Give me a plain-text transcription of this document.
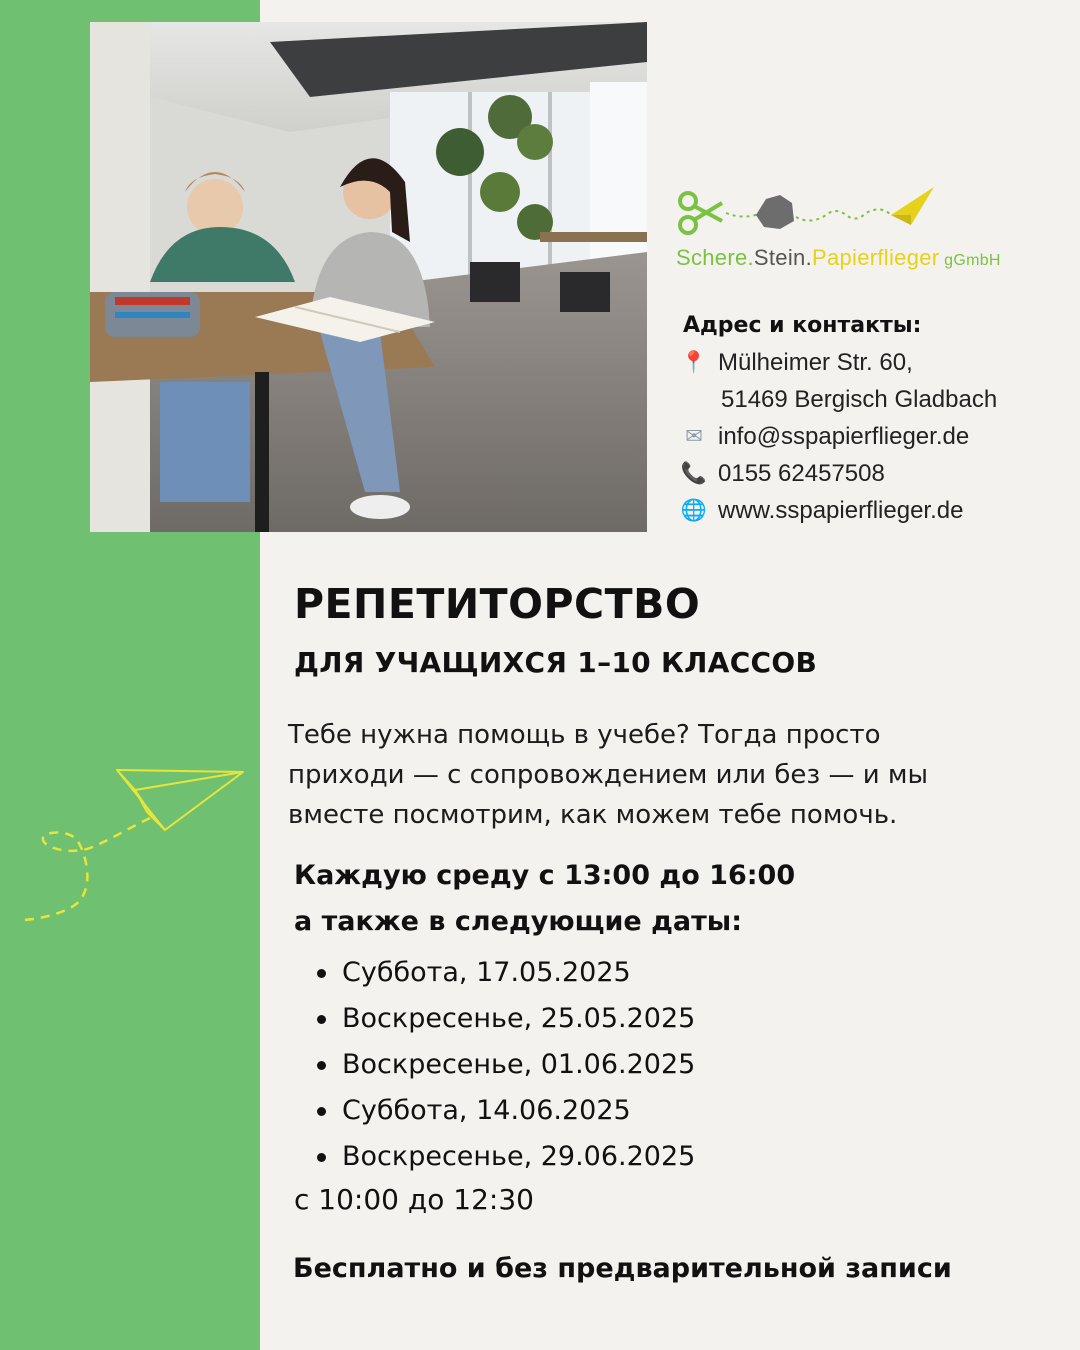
Schere.Stein.Papierflieger gGmbH
Адрес и контакты:
📍 Mülheimer Str. 60,
51469 Bergisch Gladbach
✉ info@sspapierflieger.de
📞 0155 62457508
🌐 www.sspapierflieger.de
РЕПЕТИТОРСТВО
ДЛЯ УЧАЩИХСЯ 1–10 КЛАССОВ
Тебе нужна помощь в учебе? Тогда просто
приходи — с сопровождением или без — и мы
вместе посмотрим, как можем тебе помочь.
Каждую среду с 13:00 до 16:00
а также в следующие даты:
Суббота, 17.05.2025
Воскресенье, 25.05.2025
Воскресенье, 01.06.2025
Суббота, 14.06.2025
Воскресенье, 29.06.2025
с 10:00 до 12:30
Бесплатно и без предварительной записи
